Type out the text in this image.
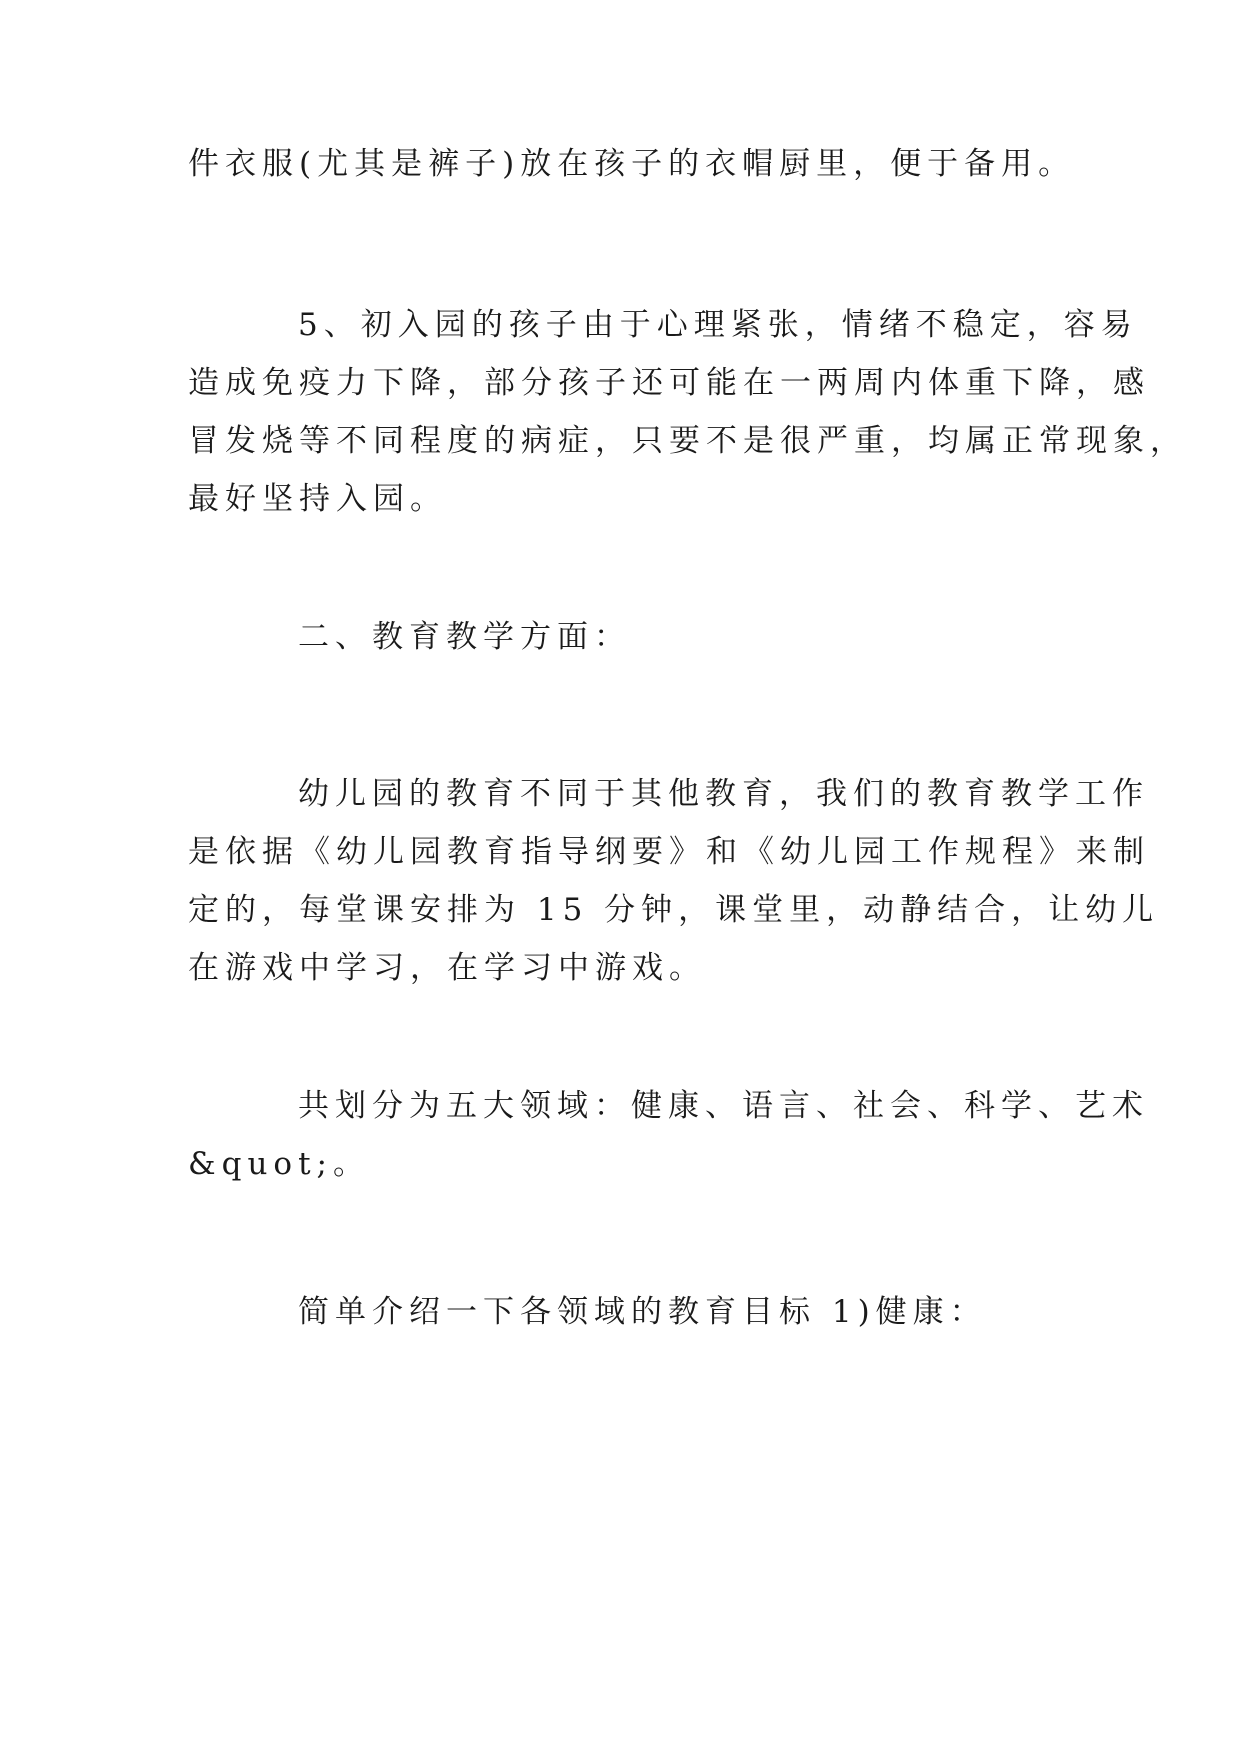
件衣服(尤其是裤子)放在孩子的衣帽厨里，便于备用。

5、初入园的孩子由于心理紧张，情绪不稳定，容易
造成免疫力下降，部分孩子还可能在一两周内体重下降，感
冒发烧等不同程度的病症，只要不是很严重，均属正常现象，
最好坚持入园。

二、教育教学方面：

幼儿园的教育不同于其他教育，我们的教育教学工作
是依据《幼儿园教育指导纲要》和《幼儿园工作规程》来制
定的，每堂课安排为 15 分钟，课堂里，动静结合，让幼儿
在游戏中学习，在学习中游戏。

共划分为五大领域：健康、语言、社会、科学、艺术
&quot;。

简单介绍一下各领域的教育目标 1)健康：
